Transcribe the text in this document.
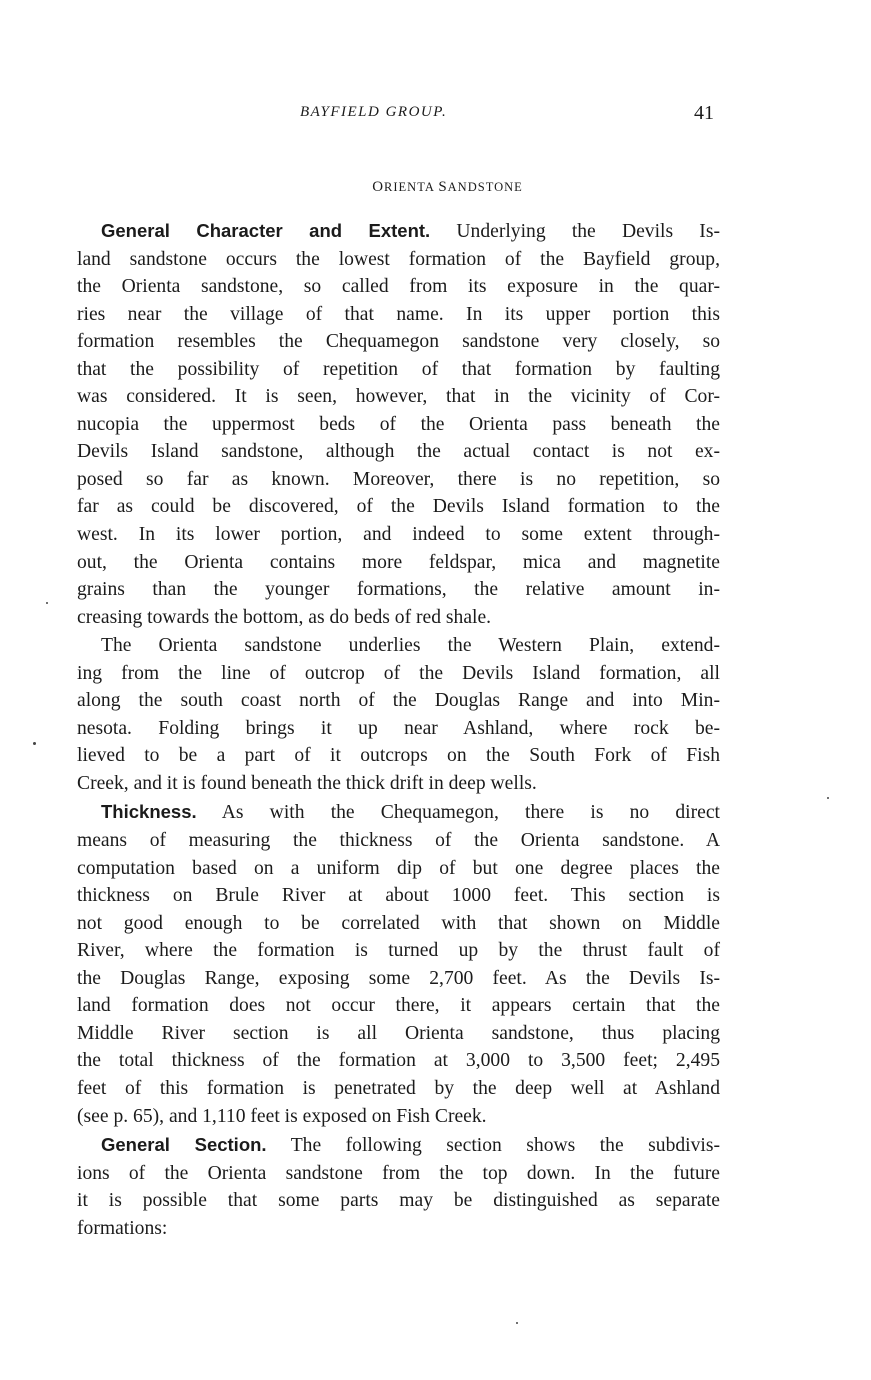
BAYFIELD GROUP.	41
ORIENTA SANDSTONE
General Character and Extent. Underlying the Devils Is-
land sandstone occurs the lowest formation of the Bayfield group,
the Orienta sandstone, so called from its exposure in the quar-
ries near the village of that name. In its upper portion this
formation resembles the Chequamegon sandstone very closely, so
that the possibility of repetition of that formation by faulting
was considered. It is seen, however, that in the vicinity of Cor-
nucopia the uppermost beds of the Orienta pass beneath the
Devils Island sandstone, although the actual contact is not ex-
posed so far as known. Moreover, there is no repetition, so
far as could be discovered, of the Devils Island formation to the
west. In its lower portion, and indeed to some extent through-
out, the Orienta contains more feldspar, mica and magnetite
grains than the younger formations, the relative amount in-
creasing towards the bottom, as do beds of red shale.
The Orienta sandstone underlies the Western Plain, extend-
ing from the line of outcrop of the Devils Island formation, all
along the south coast north of the Douglas Range and into Min-
nesota. Folding brings it up near Ashland, where rock be-
lieved to be a part of it outcrops on the South Fork of Fish
Creek, and it is found beneath the thick drift in deep wells.
Thickness. As with the Chequamegon, there is no direct
means of measuring the thickness of the Orienta sandstone. A
computation based on a uniform dip of but one degree places the
thickness on Brule River at about 1000 feet. This section is
not good enough to be correlated with that shown on Middle
River, where the formation is turned up by the thrust fault of
the Douglas Range, exposing some 2,700 feet. As the Devils Is-
land formation does not occur there, it appears certain that the
Middle River section is all Orienta sandstone, thus placing
the total thickness of the formation at 3,000 to 3,500 feet; 2,495
feet of this formation is penetrated by the deep well at Ashland
(see p. 65), and 1,110 feet is exposed on Fish Creek.
General Section. The following section shows the subdivis-
ions of the Orienta sandstone from the top down. In the future
it is possible that some parts may be distinguished as separate
formations:
